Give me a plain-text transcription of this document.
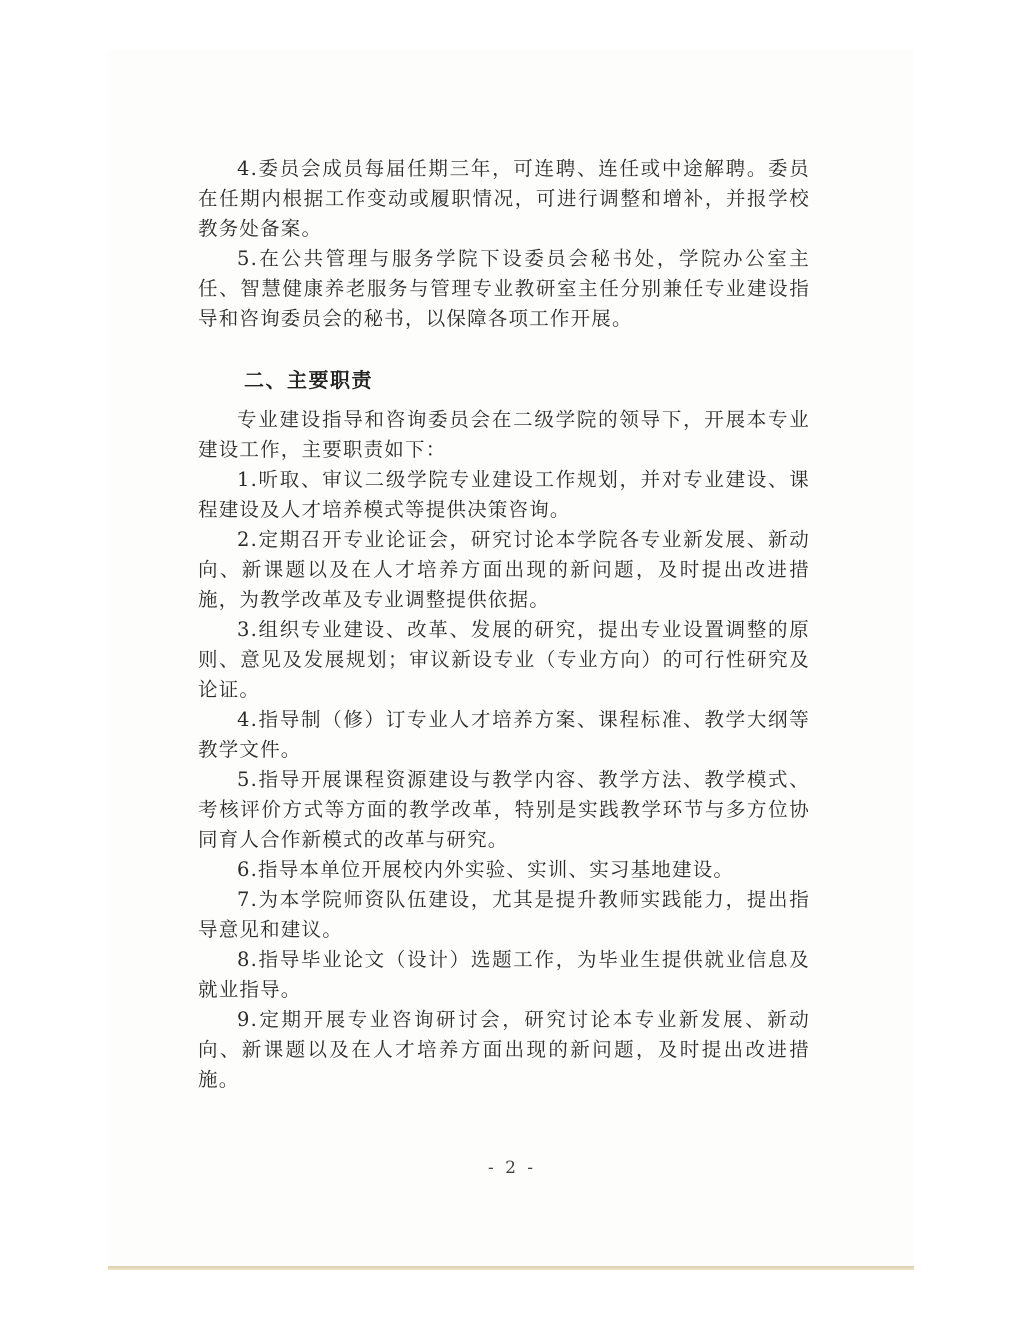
4.委员会成员每届任期三年，可连聘、连任或中途解聘。委员在任期内根据工作变动或履职情况，可进行调整和增补，并报学校教务处备案。

5.在公共管理与服务学院下设委员会秘书处，学院办公室主任、智慧健康养老服务与管理专业教研室主任分别兼任专业建设指导和咨询委员会的秘书，以保障各项工作开展。

二、主要职责

专业建设指导和咨询委员会在二级学院的领导下，开展本专业建设工作，主要职责如下：

1.听取、审议二级学院专业建设工作规划，并对专业建设、课程建设及人才培养模式等提供决策咨询。

2.定期召开专业论证会，研究讨论本学院各专业新发展、新动向、新课题以及在人才培养方面出现的新问题，及时提出改进措施，为教学改革及专业调整提供依据。

3.组织专业建设、改革、发展的研究，提出专业设置调整的原则、意见及发展规划；审议新设专业（专业方向）的可行性研究及论证。

4.指导制（修）订专业人才培养方案、课程标准、教学大纲等教学文件。

5.指导开展课程资源建设与教学内容、教学方法、教学模式、考核评价方式等方面的教学改革，特别是实践教学环节与多方位协同育人合作新模式的改革与研究。

6.指导本单位开展校内外实验、实训、实习基地建设。

7.为本学院师资队伍建设，尤其是提升教师实践能力，提出指导意见和建议。

8.指导毕业论文（设计）选题工作，为毕业生提供就业信息及就业指导。

9.定期开展专业咨询研讨会，研究讨论本专业新发展、新动向、新课题以及在人才培养方面出现的新问题，及时提出改进措施。

- 2 -
